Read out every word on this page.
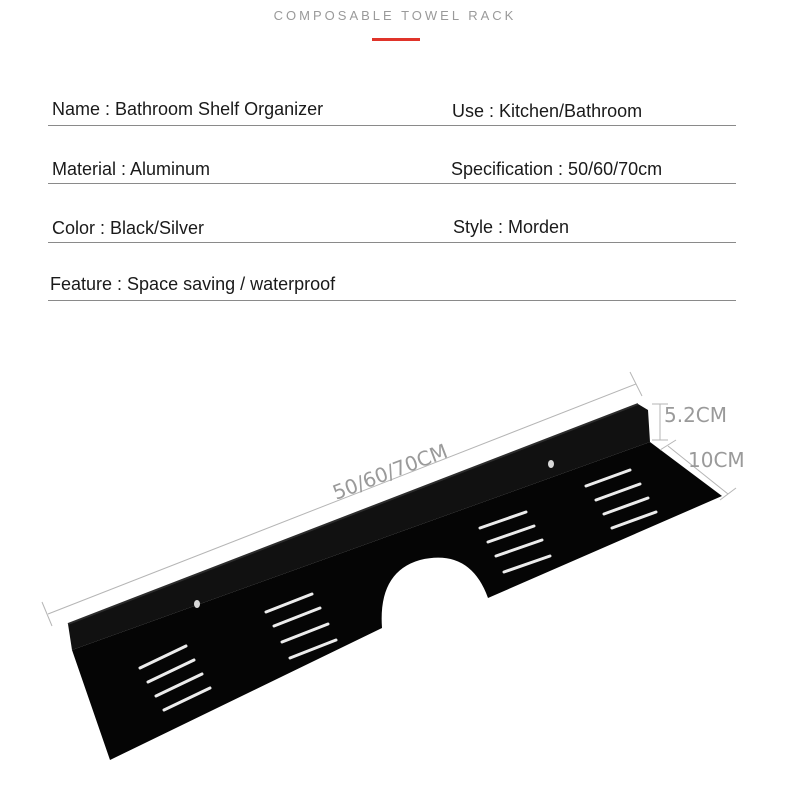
COMPOSABLE TOWEL RACK
Name : Bathroom Shelf Organizer	Use : Kitchen/Bathroom
Material : Aluminum	Specification : 50/60/70cm
Color : Black/Silver	Style : Morden
Feature : Space saving / waterproof
50/60/70CM
5.2CM
10CM
